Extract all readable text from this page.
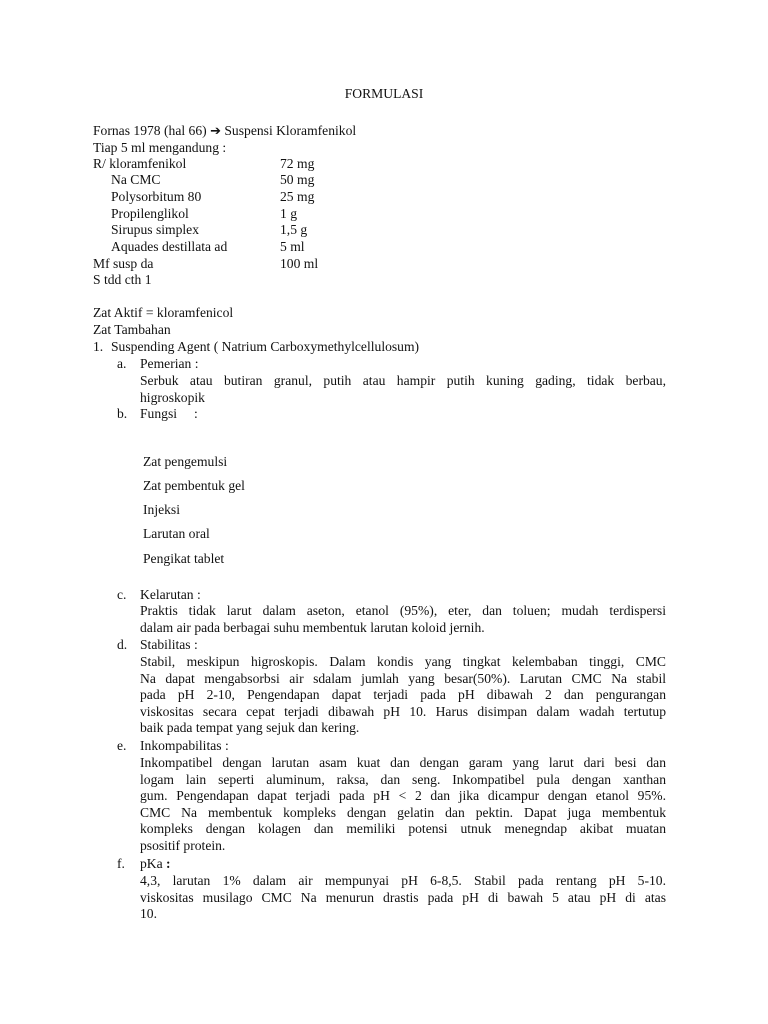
FORMULASI
Fornas 1978 (hal 66) ➔ Suspensi Kloramfenikol
Tiap 5 ml mengandung :
R/ kloramfenikol	72 mg
Na CMC	50 mg
Polysorbitum 80	25 mg
Propilenglikol	1 g
Sirupus simplex	1,5 g
Aquades destillata ad	5 ml
Mf susp da	100 ml
S tdd cth 1
Zat Aktif = kloramfenicol
Zat Tambahan
1. Suspending Agent ( Natrium Carboxymethylcellulosum)
a. Pemerian :

Serbuk atau butiran granul, putih atau hampir putih kuning gading, tidak berbau,

higroskopik

b. Fungsi     :
Zat pengemulsi
Zat pembentuk gel
Injeksi
Larutan oral
Pengikat tablet
c. Kelarutan :

Praktis tidak larut dalam aseton, etanol (95%), eter, dan toluen; mudah terdispersi

dalam air pada berbagai suhu membentuk larutan koloid jernih.

d. Stabilitas :

Stabil, meskipun higroskopis. Dalam kondis yang tingkat kelembaban tinggi, CMC

Na dapat mengabsorbsi air sdalam jumlah yang besar(50%). Larutan CMC Na stabil

pada pH 2-10, Pengendapan dapat terjadi pada pH dibawah 2 dan pengurangan

viskositas secara cepat terjadi dibawah pH 10. Harus disimpan dalam wadah tertutup

baik pada tempat yang sejuk dan kering.

e. Inkompabilitas :

Inkompatibel dengan larutan asam kuat dan dengan garam yang larut dari besi dan

logam lain seperti aluminum, raksa, dan seng. Inkompatibel pula dengan xanthan

gum. Pengendapan dapat terjadi pada pH < 2 dan jika dicampur dengan etanol 95%.

CMC Na membentuk kompleks dengan gelatin dan pektin. Dapat juga membentuk

kompleks dengan kolagen dan memiliki potensi utnuk menegndap akibat muatan

psositif protein.

f. pKa :

4,3, larutan 1% dalam air mempunyai pH 6-8,5. Stabil pada rentang pH 5-10.

viskositas musilago CMC Na menurun drastis pada pH di bawah 5 atau pH di atas

10.
